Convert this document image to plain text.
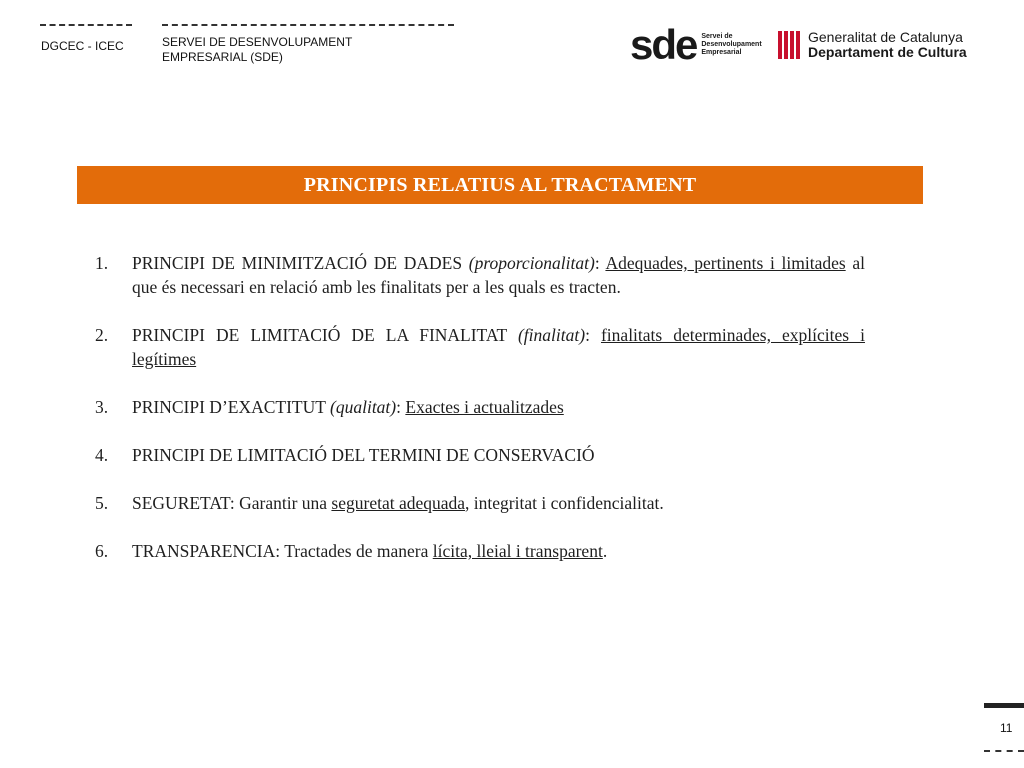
DGCEC - ICEC	SERVEI DE DESENVOLUPAMENT
EMPRESARIAL (SDE)	sde Servei de
Desenvolupament
Empresarial
Generalitat de Catalunya
Departament de Cultura
PRINCIPIS RELATIUS AL TRACTAMENT
1.	PRINCIPI DE MINIMITZACIÓ DE DADES (proporcionalitat): Adequades, pertinents i limitades al que és necessari en relació amb les finalitats per a les quals es tracten.
2.	PRINCIPI DE LIMITACIÓ DE LA FINALITAT (finalitat): finalitats determinades, explícites i legítimes
3.	PRINCIPI D’EXACTITUT (qualitat): Exactes i actualitzades
4.	PRINCIPI DE LIMITACIÓ DEL TERMINI DE CONSERVACIÓ
5.	SEGURETAT: Garantir una seguretat adequada, integritat i confidencialitat.
6.	TRANSPARENCIA: Tractades de manera lícita, lleial i transparent.
11
